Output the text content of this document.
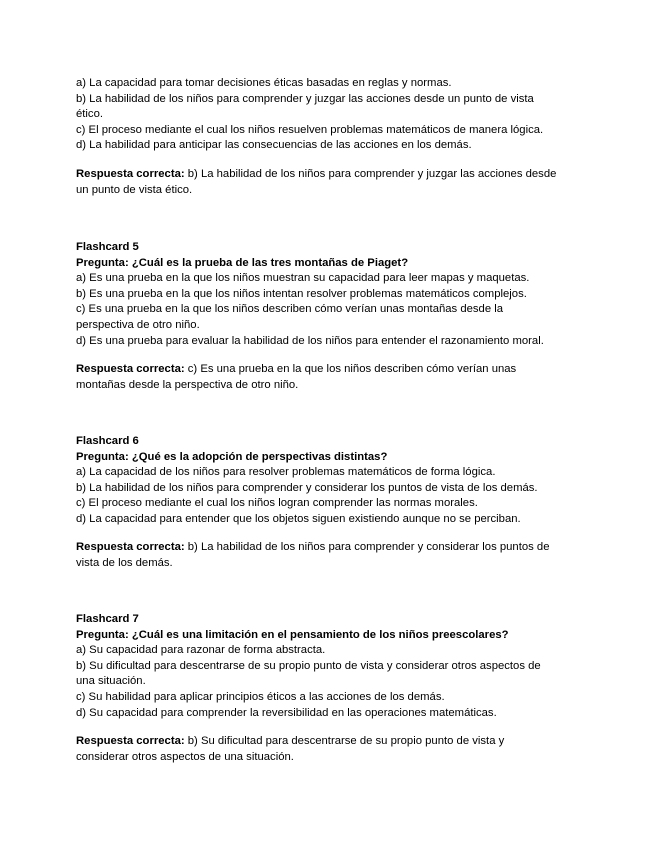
a) La capacidad para tomar decisiones éticas basadas en reglas y normas.
b) La habilidad de los niños para comprender y juzgar las acciones desde un punto de vista
ético.
c) El proceso mediante el cual los niños resuelven problemas matemáticos de manera lógica.
d) La habilidad para anticipar las consecuencias de las acciones en los demás.
Respuesta correcta: b) La habilidad de los niños para comprender y juzgar las acciones desde
un punto de vista ético.
Flashcard 5
Pregunta: ¿Cuál es la prueba de las tres montañas de Piaget?
a) Es una prueba en la que los niños muestran su capacidad para leer mapas y maquetas.
b) Es una prueba en la que los niños intentan resolver problemas matemáticos complejos.
c) Es una prueba en la que los niños describen cómo verían unas montañas desde la
perspectiva de otro niño.
d) Es una prueba para evaluar la habilidad de los niños para entender el razonamiento moral.
Respuesta correcta: c) Es una prueba en la que los niños describen cómo verían unas
montañas desde la perspectiva de otro niño.
Flashcard 6
Pregunta: ¿Qué es la adopción de perspectivas distintas?
a) La capacidad de los niños para resolver problemas matemáticos de forma lógica.
b) La habilidad de los niños para comprender y considerar los puntos de vista de los demás.
c) El proceso mediante el cual los niños logran comprender las normas morales.
d) La capacidad para entender que los objetos siguen existiendo aunque no se perciban.
Respuesta correcta: b) La habilidad de los niños para comprender y considerar los puntos de
vista de los demás.
Flashcard 7
Pregunta: ¿Cuál es una limitación en el pensamiento de los niños preescolares?
a) Su capacidad para razonar de forma abstracta.
b) Su dificultad para descentrarse de su propio punto de vista y considerar otros aspectos de
una situación.
c) Su habilidad para aplicar principios éticos a las acciones de los demás.
d) Su capacidad para comprender la reversibilidad en las operaciones matemáticas.
Respuesta correcta: b) Su dificultad para descentrarse de su propio punto de vista y
considerar otros aspectos de una situación.
